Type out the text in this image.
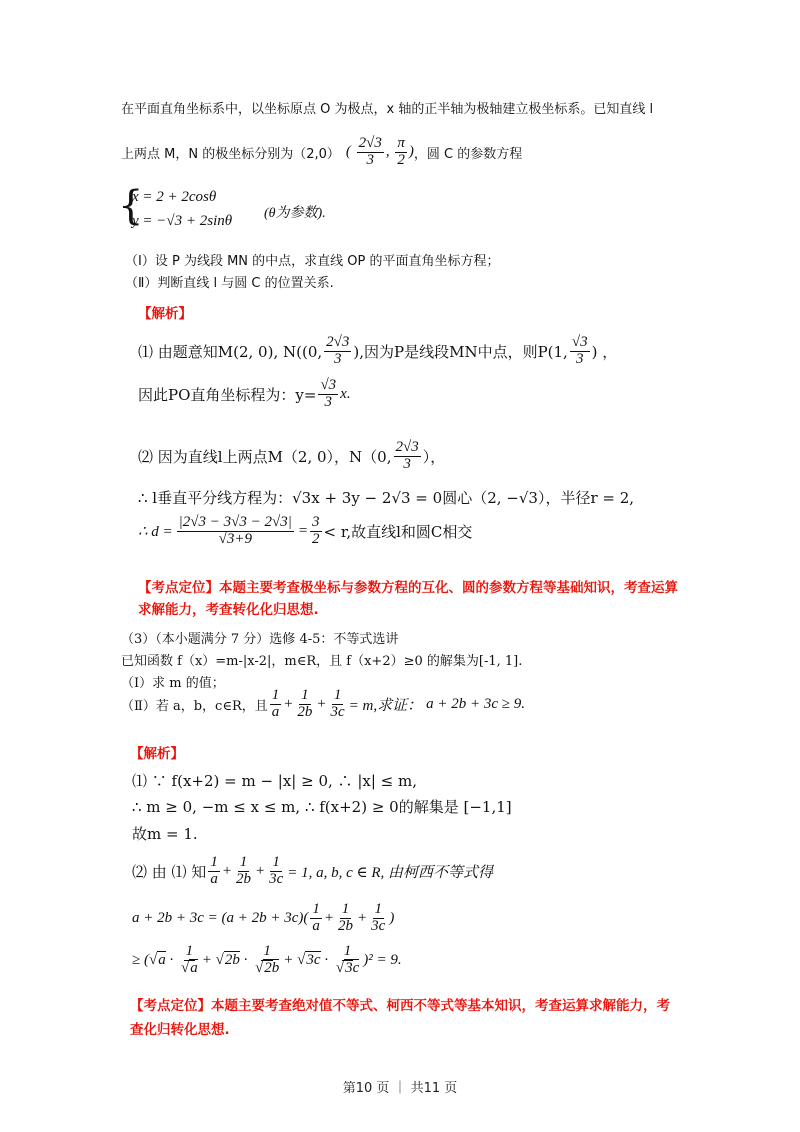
在平面直角坐标系中，以坐标原点 O 为极点，x 轴的正半轴为极轴建立极坐标系。已知直线 l
上两点 M，N 的极坐标分别为（2,0） ( $\frac{2√3}{3}$ , $\frac{\pi}{2}$ ) ，圆 C 的参数方程
{
x = 2 + 2cosθ
y = −√3 + 2sinθ (θ为参数).
（Ⅰ）设 P 为线段 MN 的中点，求直线 OP 的平面直角坐标方程；
（Ⅱ）判断直线 l 与圆 C 的位置关系.
【解析】
⑴ 由题意知M(2, 0), N((0, $\frac{2√3}{3}$ ),因为P是线段MN中点，则P(1, $\frac{√3}{3}$ ) ，
因此PO直角坐标程为：$y= \frac{√3}{3} x$.
⑵ 因为直线l上两点M（2, 0），N（0, $\frac{2√3}{3}$ ），
∴ l垂直平分线方程为：√3x + 3y − 2√3 = 0圆心（2, −√3），半径r = 2,
∴ $d = \frac{|2√3 - 3√3 - 2√3|}{√3+9} = \frac{3}{2} < r$,故直线l和圆C相交
【考点定位】本题主要考查极坐标与参数方程的互化、圆的参数方程等基础知识，考查运算
求解能力，考查转化化归思想.
（3）（本小题满分 7 分）选修 4-5：不等式选讲
已知函数 f（x）=m-|x-2|，m∈R，且 f（x+2）≥0 的解集为[-1, 1].
（Ⅰ）求 m 的值；
（Ⅱ）若 a，b，c∈R，且 $\frac{1}{a} + \frac{1}{2b} + \frac{1}{3c} = m$,求证： a + 2b + 3c ≥ 9.
【解析】
⑴ ∵ f(x+2) = m − |x| ≥ 0, ∴ |x| ≤ m,
∴ m ≥ 0, −m ≤ x ≤ m, ∴ f(x+2) ≥ 0的解集是 [−1,1]
故m = 1.
⑵ 由 ⑴ 知 $\frac{1}{a} + \frac{1}{2b} + \frac{1}{3c} = 1$, a, b, c ∈ R, 由柯西不等式得
$a + 2b + 3c = (a + 2b + 3c)( \frac{1}{a} + \frac{1}{2b} + \frac{1}{3c}$ )
≥ ( √ $a \cdot \frac{1}{√a}$ + √ $2b \cdot \frac{1}{√2b}$ + √ $3c \cdot \frac{1}{√3c} )^2 = 9$.
【考点定位】本题主要考查绝对值不等式、柯西不等式等基本知识，考查运算求解能力，考
查化归转化思想.
第10 页 ｜ 共11 页
